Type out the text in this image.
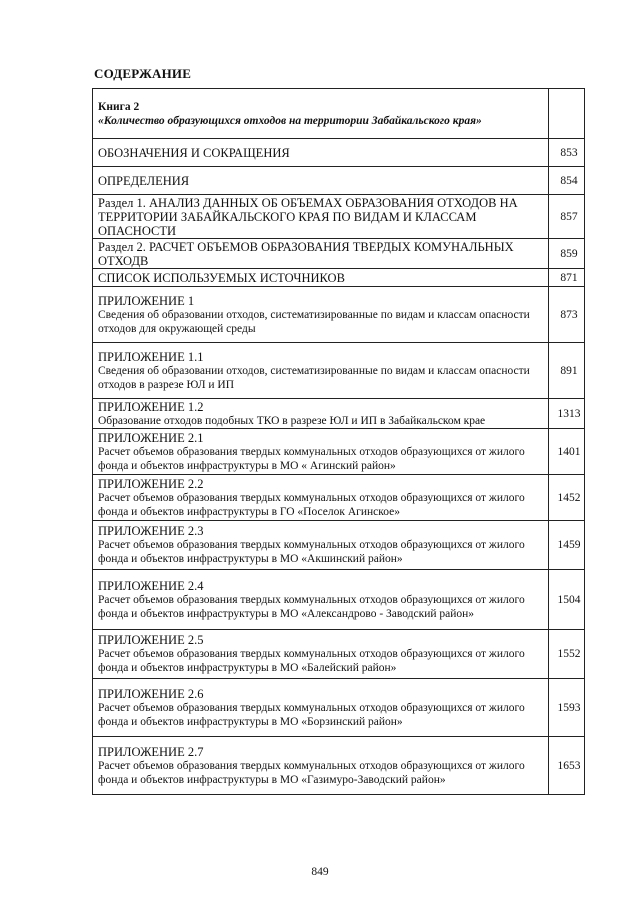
СОДЕРЖАНИЕ
Книга 2
«Количество образующихся отходов на территории Забайкальского края»	

ОБОЗНАЧЕНИЯ И СОКРАЩЕНИЯ	853
ОПРЕДЕЛЕНИЯ	854
Раздел 1. АНАЛИЗ ДАННЫХ ОБ ОБЪЕМАХ ОБРАЗОВАНИЯ ОТХОДОВ НА ТЕРРИТОРИИ ЗАБАЙКАЛЬСКОГО КРАЯ ПО ВИДАМ И КЛАССАМ ОПАСНОСТИ	857
Раздел 2. РАСЧЕТ ОБЪЕМОВ ОБРАЗОВАНИЯ ТВЕРДЫХ КОМУНАЛЬНЫХ ОТХОДВ	859
СПИСОК ИСПОЛЬЗУЕМЫХ ИСТОЧНИКОВ	871

ПРИЛОЖЕНИЕ 1
Сведения об образовании отходов, систематизированные по видам и классам опасности отходов для окружающей среды	873

ПРИЛОЖЕНИЕ 1.1
Сведения об образовании отходов, систематизированные по видам и классам опасности отходов в разрезе ЮЛ и ИП	891

ПРИЛОЖЕНИЕ 1.2
Образование отходов подобных ТКО в разрезе ЮЛ и ИП в Забайкальском крае	1313

ПРИЛОЖЕНИЕ 2.1
Расчет объемов образования твердых коммунальных отходов образующихся от жилого фонда и объектов инфраструктуры в МО « Агинский район»	1401

ПРИЛОЖЕНИЕ 2.2
Расчет объемов образования твердых коммунальных отходов образующихся от жилого фонда и объектов инфраструктуры в ГО «Поселок Агинское»	1452

ПРИЛОЖЕНИЕ 2.3
Расчет объемов образования твердых коммунальных отходов образующихся от жилого фонда и объектов инфраструктуры в МО «Акшинский район»	1459

ПРИЛОЖЕНИЕ 2.4
Расчет объемов образования твердых коммунальных отходов образующихся от жилого фонда и объектов инфраструктуры в МО «Александрово - Заводский район»	1504

ПРИЛОЖЕНИЕ 2.5
Расчет объемов образования твердых коммунальных отходов образующихся от жилого фонда и объектов инфраструктуры в МО «Балейский район»	1552

ПРИЛОЖЕНИЕ 2.6
Расчет объемов образования твердых коммунальных отходов образующихся от жилого фонда и объектов инфраструктуры в МО «Борзинский район»	1593

ПРИЛОЖЕНИЕ 2.7
Расчет объемов образования твердых коммунальных отходов образующихся от жилого фонда и объектов инфраструктуры в МО «Газимуро-Заводский район»	1653
849
